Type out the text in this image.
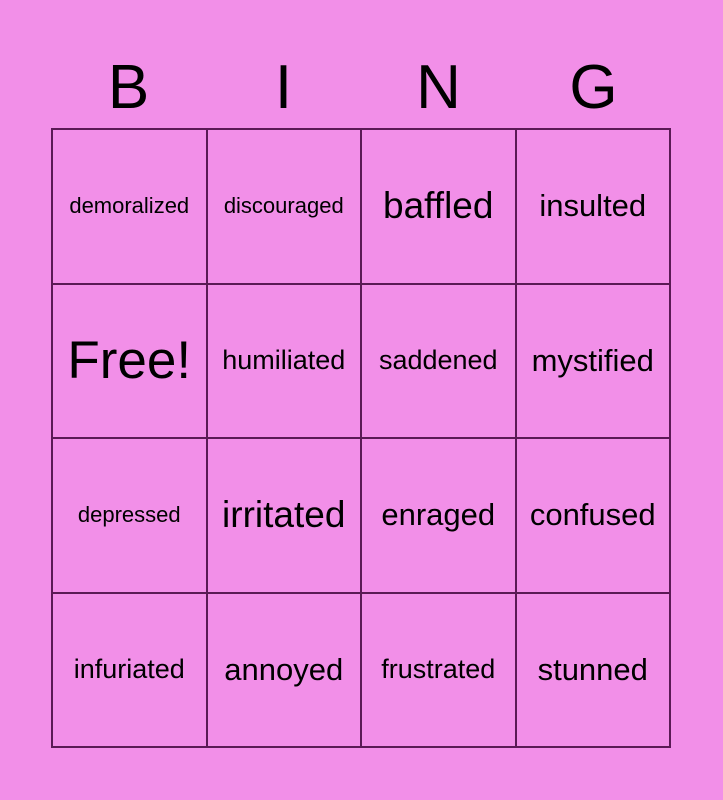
B	I	N	G
demoralized	discouraged	baffled	insulted
Free!	humiliated	saddened	mystified
depressed	irritated	enraged	confused
infuriated	annoyed	frustrated	stunned
